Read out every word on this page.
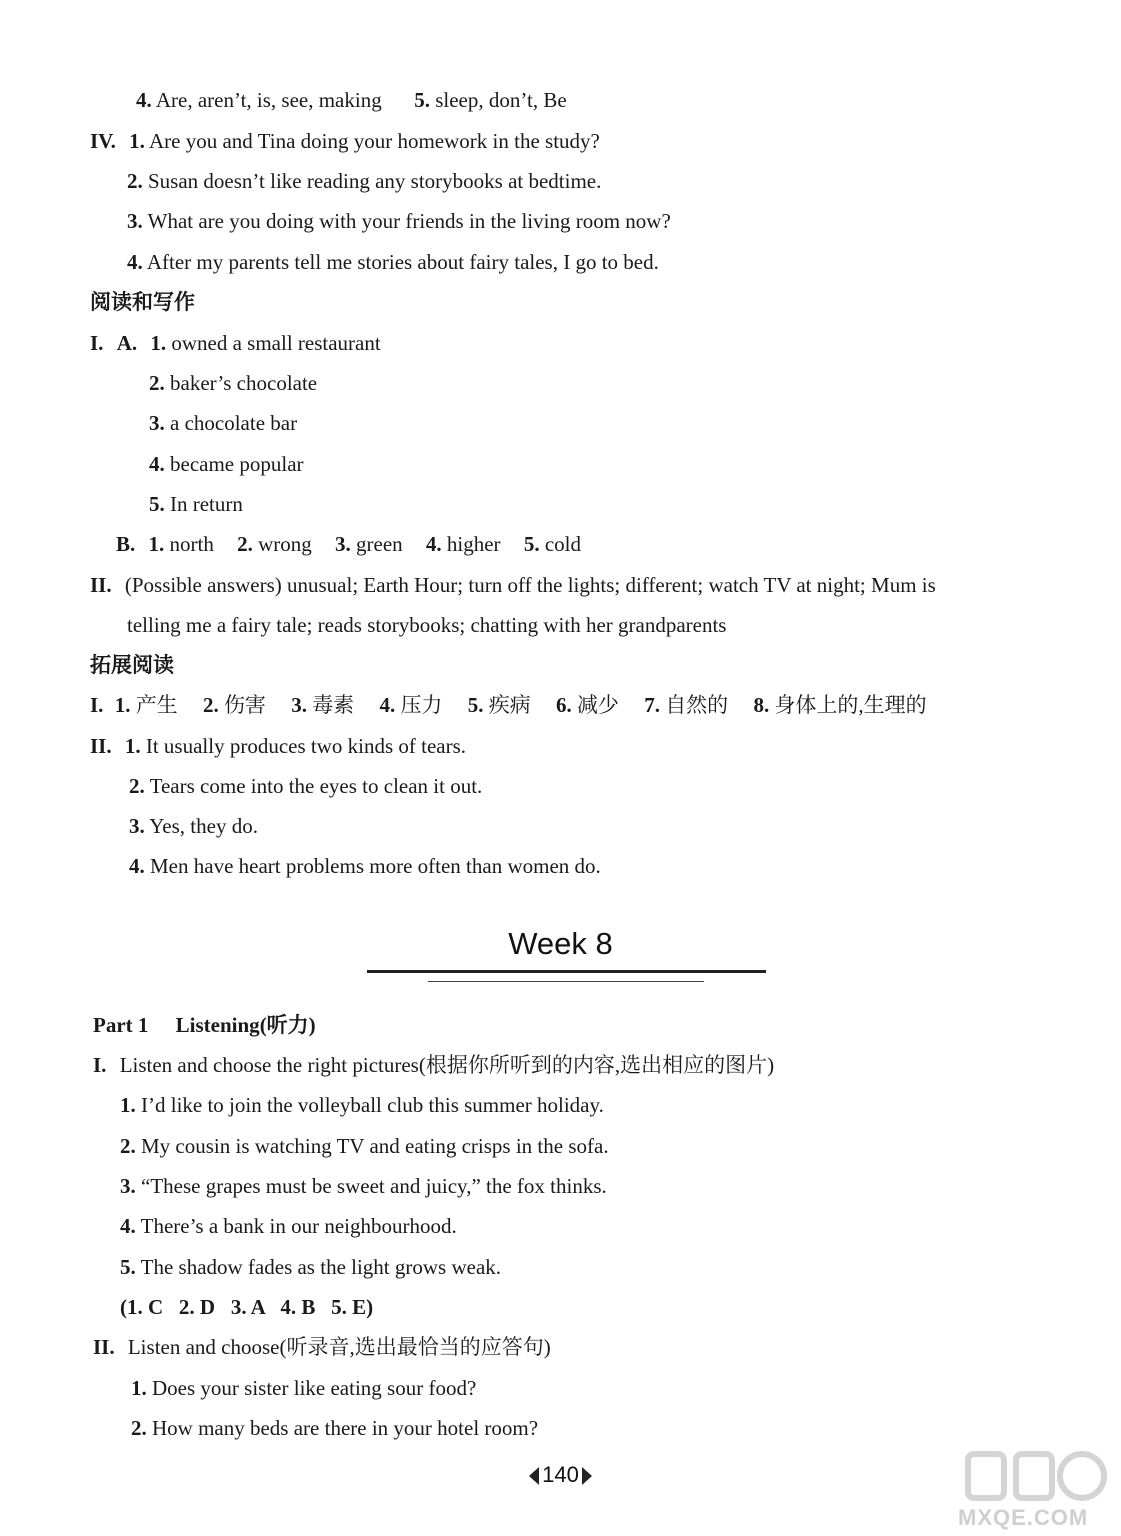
4. Are, aren’t, is, see, making 5. sleep, don’t, Be
IV. 1. Are you and Tina doing your homework in the study?
2. Susan doesn’t like reading any storybooks at bedtime.
3. What are you doing with your friends in the living room now?
4. After my parents tell me stories about fairy tales, I go to bed.
阅读和写作
I. A. 1. owned a small restaurant
2. baker’s chocolate
3. a chocolate bar
4. became popular
5. In return
B. 1. north 2. wrong 3. green 4. higher 5. cold
II. (Possible answers) unusual; Earth Hour; turn off the lights; different; watch TV at night; Mum is
telling me a fairy tale; reads storybooks; chatting with her grandparents
拓展阅读
I. 1. 产生 2. 伤害 3. 毒素 4. 压力 5. 疾病 6. 减少 7. 自然的 8. 身体上的,生理的
II. 1. It usually produces two kinds of tears.
2. Tears come into the eyes to clean it out.
3. Yes, they do.
4. Men have heart problems more often than women do.
Week 8
Part 1 Listening(听力)
I. Listen and choose the right pictures(根据你所听到的内容,选出相应的图片)
1. I’d like to join the volleyball club this summer holiday.
2. My cousin is watching TV and eating crisps in the sofa.
3. “These grapes must be sweet and juicy,” the fox thinks.
4. There’s a bank in our neighbourhood.
5. The shadow fades as the light grows weak.
(1. C   2. D   3. A   4. B   5. E)
II. Listen and choose(听录音,选出最恰当的应答句)
1. Does your sister like eating sour food?
2. How many beds are there in your hotel room?
140
MXQE.COM
